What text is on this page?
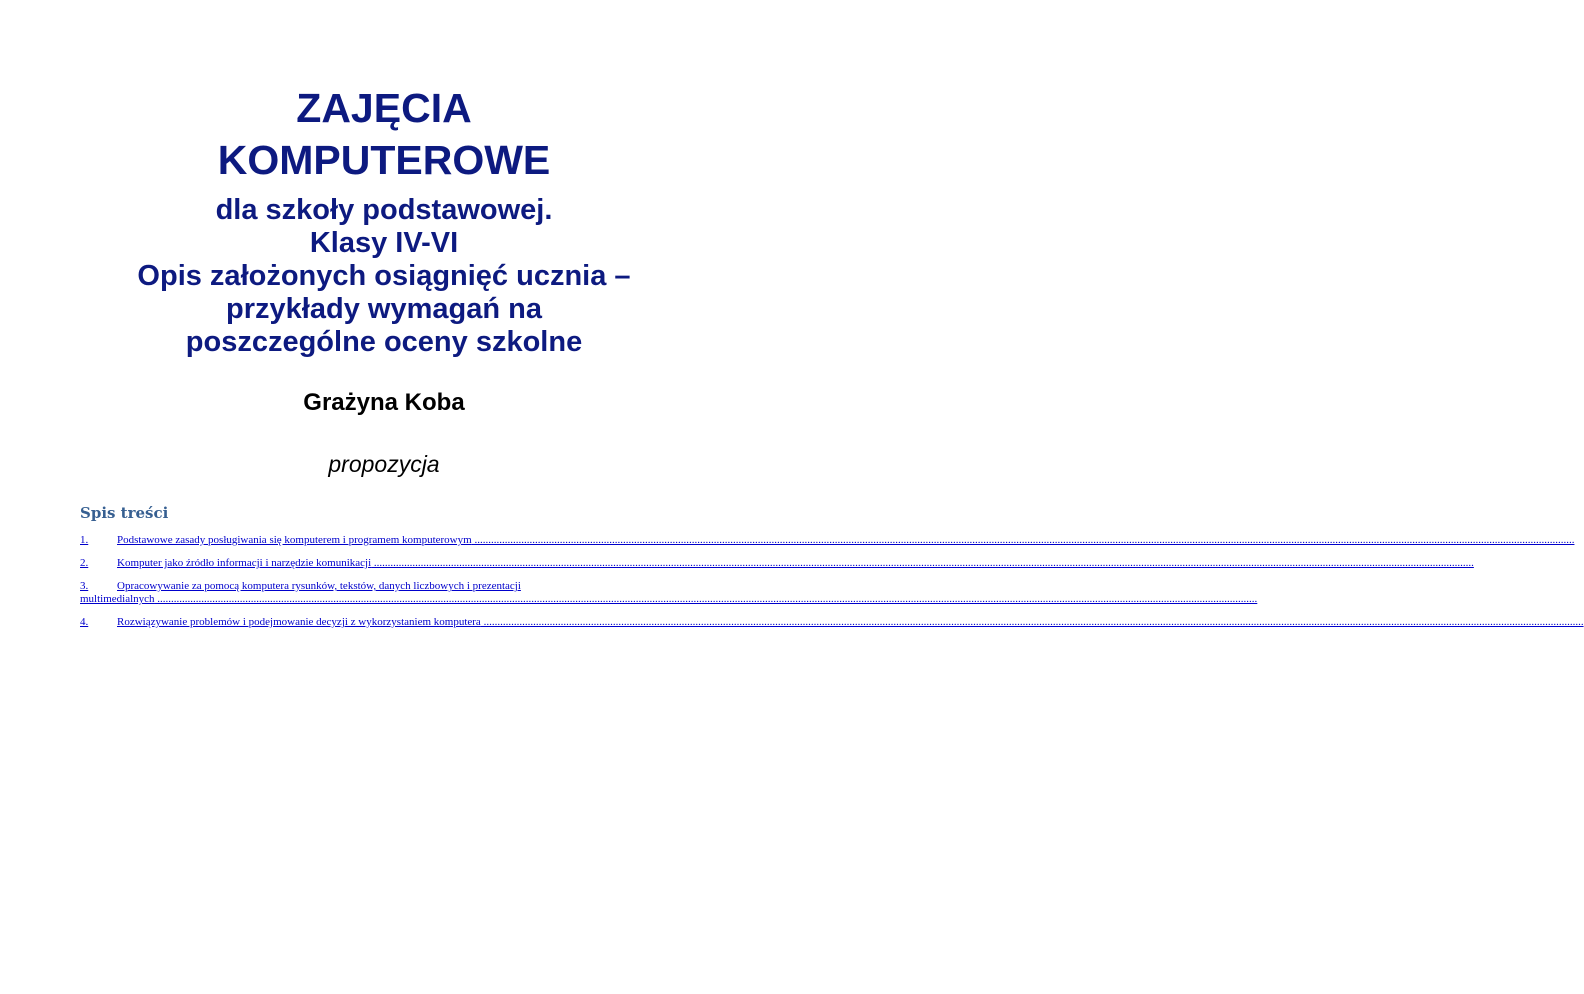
ZAJĘCIA
KOMPUTEROWE
dla szkoły podstawowej.
Klasy IV-VI
Opis założonych osiągnięć ucznia –
przykłady wymagań na
poszczególne oceny szkolne
Grażyna Koba
propozycja
Spis treści
1.	Podstawowe zasady posługiwania się komputerem i programem komputerowym ................................................................................................................................................................................................................................................................................................................................................................................................................
2.	Komputer jako źródło informacji i narzędzie komunikacji ................................................................................................................................................................................................................................................................................................................................................................................................................
3.	Opracowywanie za pomocą komputera rysunków, tekstów, danych liczbowych i prezentacji
multimedialnych ................................................................................................................................................................................................................................................................................................................................................................................................................
4.	Rozwiązywanie problemów i podejmowanie decyzji z wykorzystaniem komputera ................................................................................................................................................................................................................................................................................................................................................................................................................
